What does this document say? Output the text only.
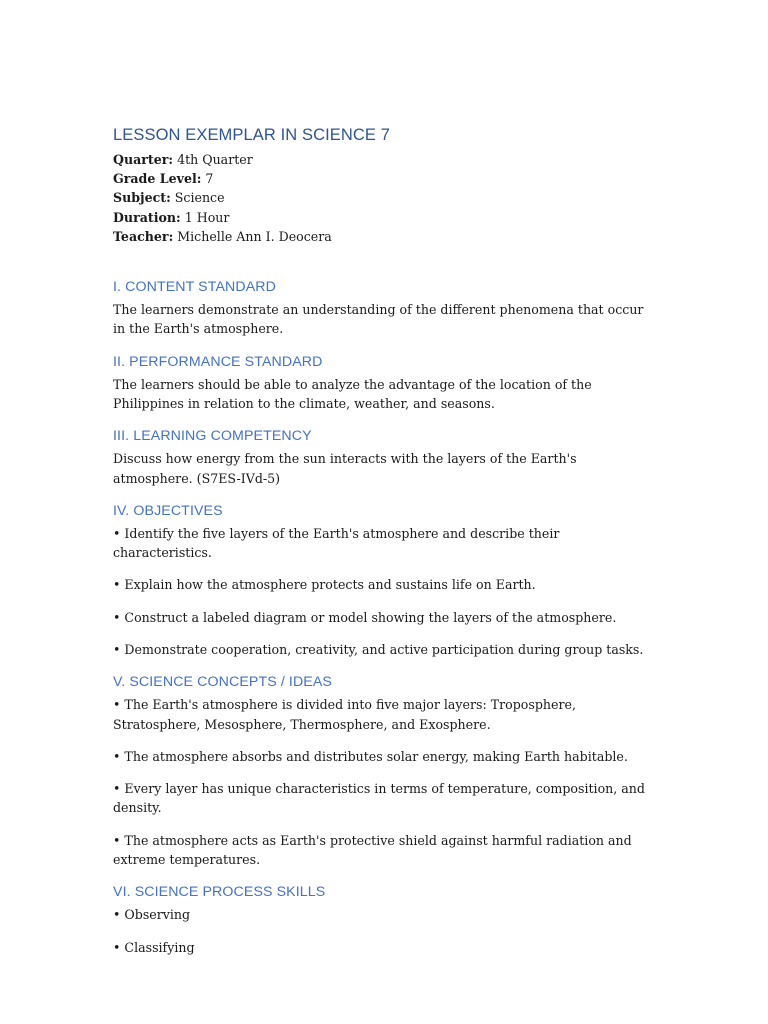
LESSON EXEMPLAR IN SCIENCE 7

Quarter: 4th Quarter

Grade Level: 7

Subject: Science

Duration: 1 Hour

Teacher: Michelle Ann I. Deocera

I. CONTENT STANDARD

The learners demonstrate an understanding of the different phenomena that occur in the Earth's atmosphere.

II. PERFORMANCE STANDARD

The learners should be able to analyze the advantage of the location of the Philippines in relation to the climate, weather, and seasons.

III. LEARNING COMPETENCY

Discuss how energy from the sun interacts with the layers of the Earth's atmosphere. (S7ES-IVd-5)

IV. OBJECTIVES

• Identify the five layers of the Earth's atmosphere and describe their characteristics.

• Explain how the atmosphere protects and sustains life on Earth.

• Construct a labeled diagram or model showing the layers of the atmosphere.

• Demonstrate cooperation, creativity, and active participation during group tasks.

V. SCIENCE CONCEPTS / IDEAS

• The Earth's atmosphere is divided into five major layers: Troposphere, Stratosphere, Mesosphere, Thermosphere, and Exosphere.

• The atmosphere absorbs and distributes solar energy, making Earth habitable.

• Every layer has unique characteristics in terms of temperature, composition, and density.

• The atmosphere acts as Earth's protective shield against harmful radiation and extreme temperatures.

VI. SCIENCE PROCESS SKILLS

• Observing

• Classifying
